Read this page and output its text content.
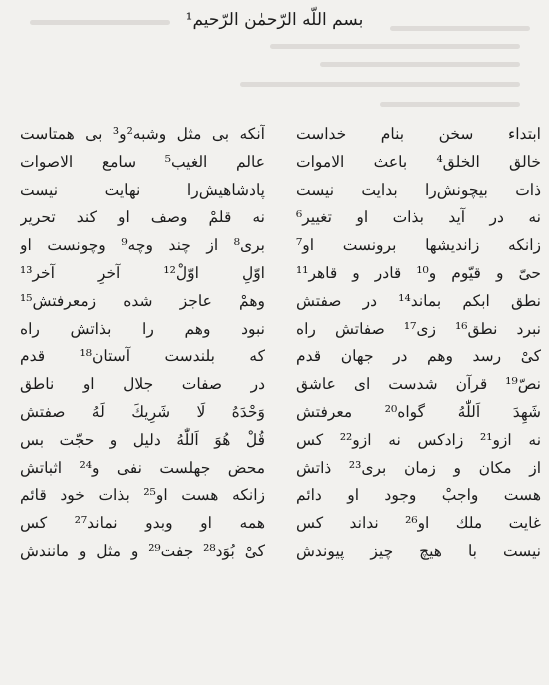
بسم اللّه الرّحمٰن الرّحيم¹
ابتداء سخن بنام خداست
خالق الخلق⁴ باعث الاموات
ذات بيچونش‌را بدايت نيست
نه در آيد بذات او تغيير⁶
زانكه زانديشها برونست او⁷
حیّ و قيّوم و¹⁰ قادر و قاهر¹¹
نطق ابكم بماند¹⁴ در صفتش
نبرد نطق¹⁶ زی¹⁷ صفاتش راه
كیْ رسد وهم در جهان قدم
نصّ¹⁹ قرآن شدست ای عاشق
شَهِدَ اَللّٰهُ گواه²⁰ معرفتش
نه ازو²¹ زادكس نه ازو²² كس
از مكان و زمان بری²³ ذاتش
هست واجبْ وجود او دائم
غايت ملك او²⁶ نداند كس
نيست با هيچ چيز پيوندش
آنكه بی مثل وشبه²و³ بی همتاست
عالم الغيب⁵ سامع الاصوات
پادشاهيش‌را نهايت نيست
نه قلمْ وصف او كند تحرير
بری⁸ از چند وچه⁹ وچونست او
اوّلِ اوّلْ¹² آخرِ آخر¹³
وهمْ عاجز شده زمعرفتش¹⁵
نبود وهم را بذاتش راه
كه بلندست آستان¹⁸ قدم
در صفات جلال او ناطق
وَحْدَهُ لَا شَرِيكَ لَهُ صفتش
قُلْ هُوَ اَللّٰهُ دليل و حجّت بس
محض جهلست نفی و²⁴ اثباتش
زانكه هست او²⁵ بذات خود قائم
همه او وبدو نماند²⁷ كس
كیْ بُوَد²⁸ جفت²⁹ و مثل و مانندش
